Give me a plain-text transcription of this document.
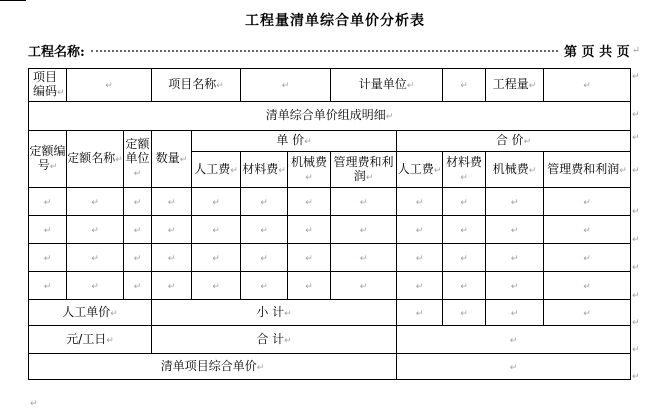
工程量清单综合单价分析表
工程名称:	第 页 共 页 ↵
项目编码↵	↵		项目名称↵		↵		计量单位↵		↵	工程量↵	↵
清单综合单价组成明细↵											
定额编号↵	定额名称↵	定额单位↵	数量↵	单 价↵				合 价↵			
				人工费↵	材料费↵	机械费↵	管理费和利润↵	人工费↵	材料费↵	机械费↵	管理费和利润↵
↵	↵	↵	↵	↵	↵	↵	↵	↵	↵	↵	↵
↵	↵	↵	↵	↵	↵	↵	↵	↵	↵	↵	↵
↵	↵	↵	↵	↵	↵	↵	↵	↵	↵	↵	↵
↵	↵	↵	↵	↵	↵	↵	↵	↵	↵	↵	↵
人工单价↵			小 计↵					↵	↵	↵	↵
元/工日↵			合 计↵					↵			
清单项目综合单价↵								↵			
↵
↵
↵
↵
↵
↵
↵
↵
↵
↵
↵
↵
